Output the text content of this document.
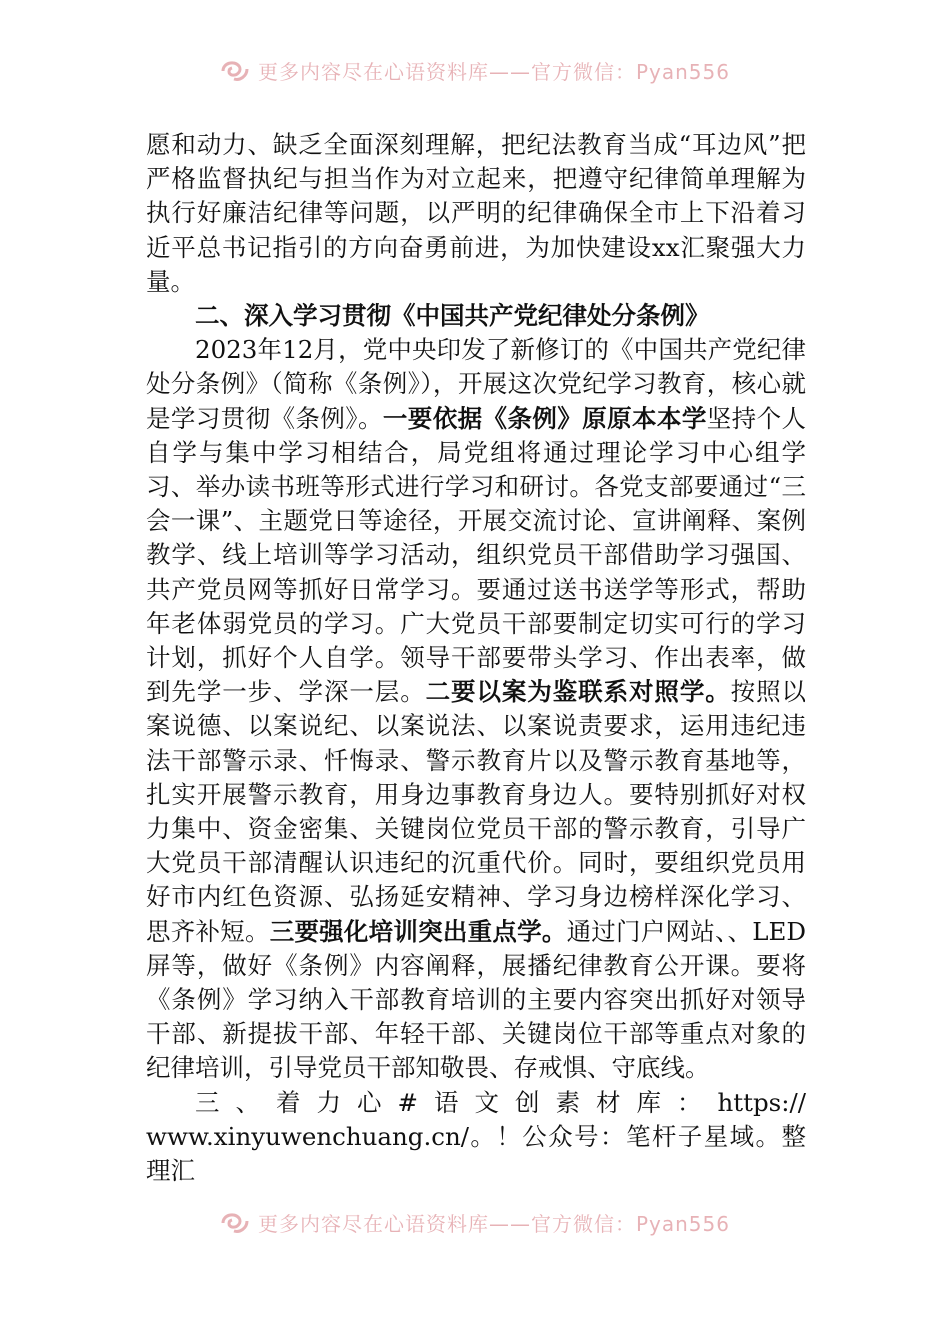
更多内容尽在心语资料库——官方微信：Pyan556

愿和动力、缺乏全面深刻理解，把纪法教育当成“耳边风”把严格监督执纪与担当作为对立起来，把遵守纪律简单理解为执行好廉洁纪律等问题，以严明的纪律确保全市上下沿着习近平总书记指引的方向奋勇前进，为加快建设xx汇聚强大力量。

二、深入学习贯彻《中国共产党纪律处分条例》

2023年12月，党中央印发了新修订的《中国共产党纪律处分条例》（简称《条例》），开展这次党纪学习教育，核心就是学习贯彻《条例》。一要依据《条例》原原本本学坚持个人自学与集中学习相结合，局党组将通过理论学习中心组学习、举办读书班等形式进行学习和研讨。各党支部要通过“三会一课”、主题党日等途径，开展交流讨论、宣讲阐释、案例教学、线上培训等学习活动，组织党员干部借助学习强国、共产党员网等抓好日常学习。要通过送书送学等形式，帮助年老体弱党员的学习。广大党员干部要制定切实可行的学习计划，抓好个人自学。领导干部要带头学习、作出表率，做到先学一步、学深一层。二要以案为鉴联系对照学。按照以案说德、以案说纪、以案说法、以案说责要求，运用违纪违法干部警示录、忏悔录、警示教育片以及警示教育基地等，扎实开展警示教育，用身边事教育身边人。要特别抓好对权力集中、资金密集、关键岗位党员干部的警示教育，引导广大党员干部清醒认识违纪的沉重代价。同时，要组织党员用好市内红色资源、弘扬延安精神、学习身边榜样深化学习、思齐补短。三要强化培训突出重点学。通过门户网站、、LED屏等，做好《条例》内容阐释，展播纪律教育公开课。要将《条例》学习纳入干部教育培训的主要内容突出抓好对领导干部、新提拔干部、年轻干部、关键岗位干部等重点对象的纪律培训，引导党员干部知敬畏、存戒惧、守底线。

三、着力心#语文创素材库：https://

www.xinyuwenchuang.cn/。！公众号：笔杆子星域。整理汇

更多内容尽在心语资料库——官方微信：Pyan556
